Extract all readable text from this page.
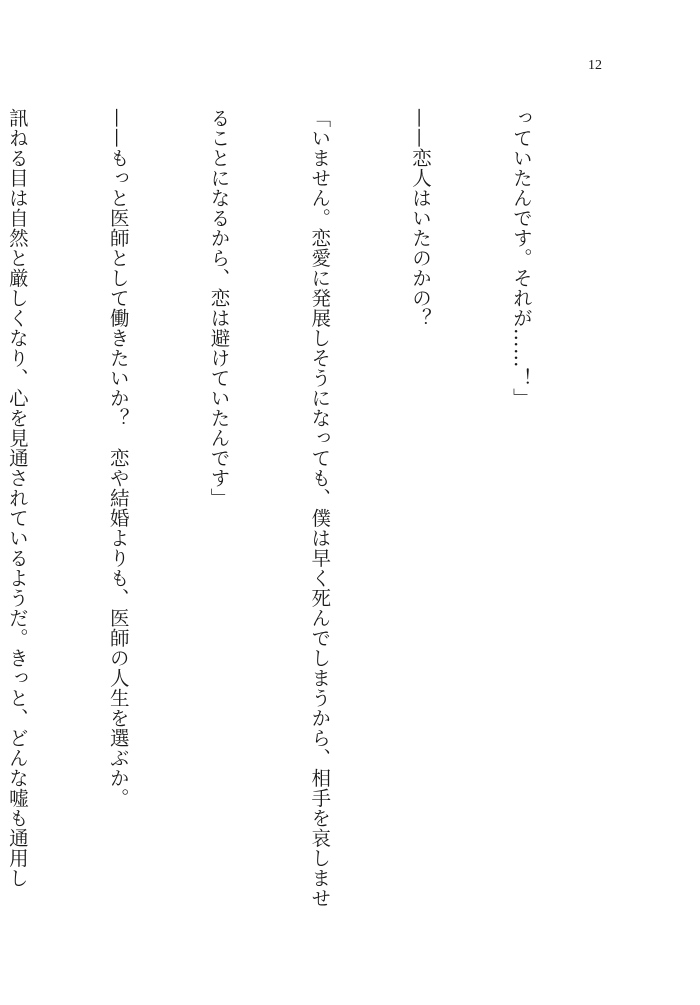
12

っていたんです。それが……！」

——恋人はいたのかの？

「いません。恋愛に発展しそうになっても、僕は早く死んでしまうから、相手を哀しませ

ることになるから、恋は避けていたんです」

——もっと医師として働きたいか？　恋や結婚よりも、医師の人生を選ぶか。

訊ねる目は自然と厳しくなり、心を見通されているようだ。きっと、どんな嘘も通用し
